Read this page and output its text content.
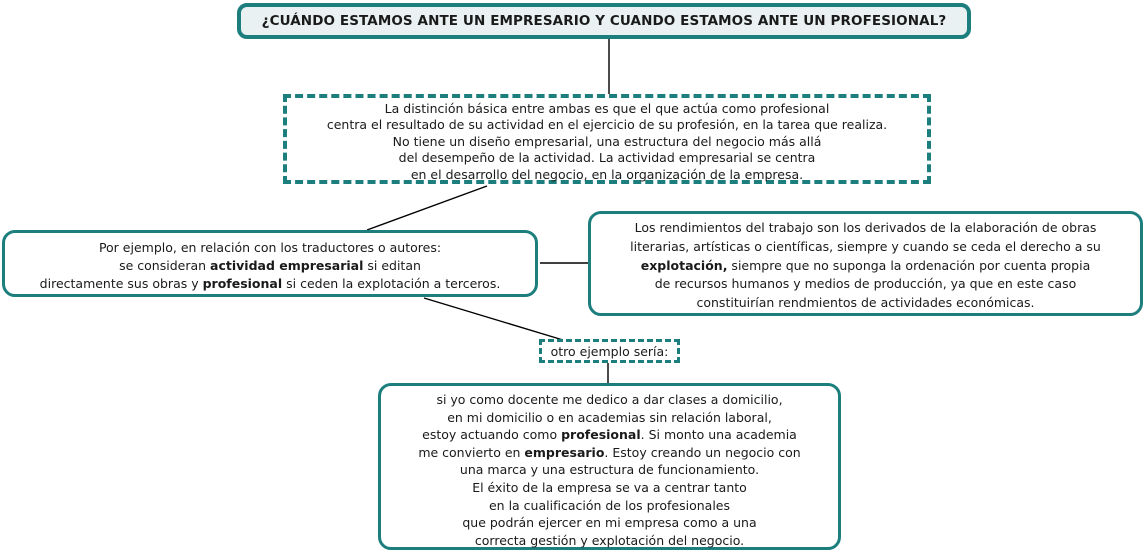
¿CUÁNDO ESTAMOS ANTE UN EMPRESARIO Y CUANDO ESTAMOS ANTE UN PROFESIONAL?
La distinción básica entre ambas es que el que actúa como profesional
centra el resultado de su actividad en el ejercicio de su profesión, en la tarea que realiza.
No tiene un diseño empresarial, una estructura del negocio más allá
del desempeño de la actividad. La actividad empresarial se centra
en el desarrollo del negocio, en la organización de la empresa.
Por ejemplo, en relación con los traductores o autores:
se consideran actividad empresarial si editan
directamente sus obras y profesional si ceden la explotación a terceros.
Los rendimientos del trabajo son los derivados de la elaboración de obras
literarias, artísticas o científicas, siempre y cuando se ceda el derecho a su
explotación, siempre que no suponga la ordenación por cuenta propia
de recursos humanos y medios de producción, ya que en este caso
constituirían rendmientos de actividades económicas.
otro ejemplo sería:
si yo como docente me dedico a dar clases a domicilio,
en mi domicilio o en academias sin relación laboral,
estoy actuando como profesional. Si monto una academia
me convierto en empresario. Estoy creando un negocio con
una marca y una estructura de funcionamiento.
El éxito de la empresa se va a centrar tanto
en la cualificación de los profesionales
que podrán ejercer en mi empresa como a una
correcta gestión y explotación del negocio.
